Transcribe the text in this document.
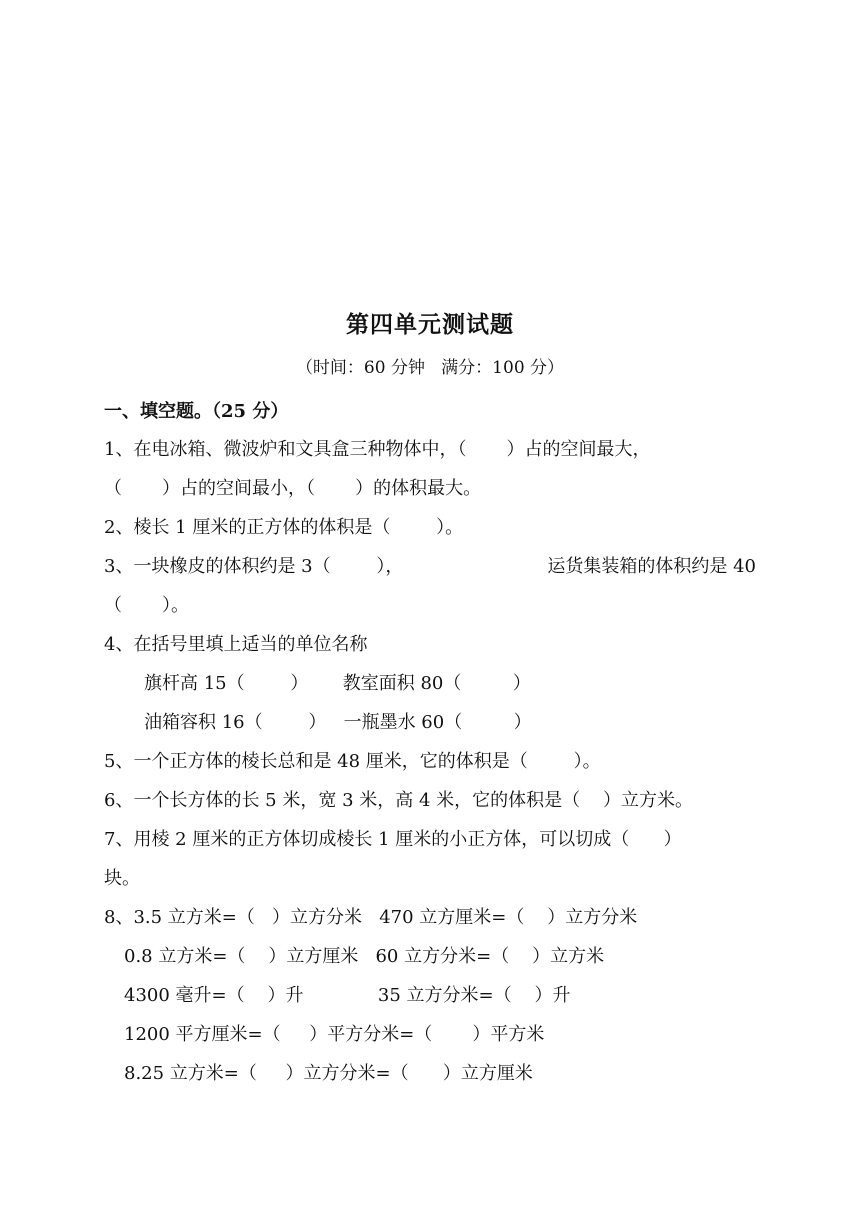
第四单元测试题
（时间：60 分钟   满分：100 分）
一、填空题。（25 分）
1、在电冰箱、微波炉和文具盒三种物体中，（       ）占的空间最大，
（       ）占的空间最小，（       ）的体积最大。
2、棱长 1 厘米的正方体的体积是（        ）。
3、一块橡皮的体积约是 3（        ），	运货集装箱的体积约是 40
（       ）。
4、在括号里填上适当的单位名称
旗杆高 15（        ）      教室面积 80（         ）
油箱容积 16（        ）   一瓶墨水 60（         ）
5、一个正方体的棱长总和是 48 厘米，它的体积是（        ）。
6、一个长方体的长 5 米，宽 3 米，高 4 米，它的体积是（    ）立方米。
7、用棱 2 厘米的正方体切成棱长 1 厘米的小正方体，可以切成（      ）
块。
8、3.5 立方米=（   ）立方分米   470 立方厘米=（    ）立方分米
0.8 立方米=（    ）立方厘米   60 立方分米=（    ）立方米
4300 毫升=（    ）升             35 立方分米=（    ）升
1200 平方厘米=（     ）平方分米=（       ）平方米
8.25 立方米=（     ）立方分米=（      ）立方厘米
